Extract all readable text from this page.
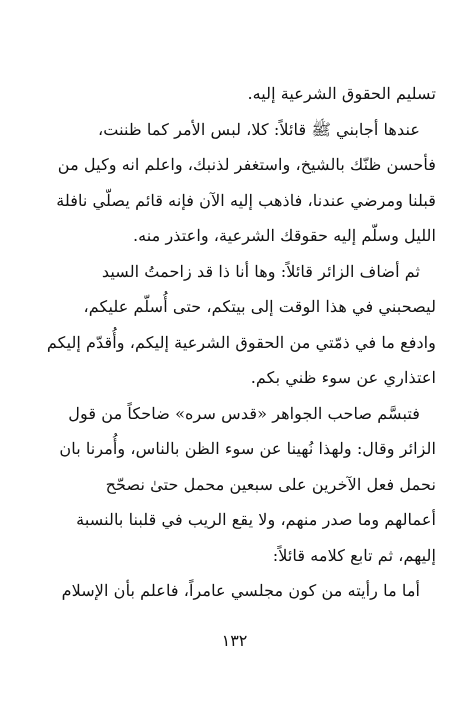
تسليم الحقوق الشرعية إليه.
عندها أجابني ﷺ قائلاً: كلا، لبس الأمر كما ظننت،
فأحسن ظنّك بالشيخ، واستغفر لذنبك، واعلم انه وكيل من
قبلنا ومرضي عندنا، فاذهب إليه الآن فإنه قائم يصلّي نافلة
الليل وسلّم إليه حقوقك الشرعية، واعتذر منه.
ثم أضاف الزائر قائلاً: وها أنا ذا قد زاحمتُ السيد
ليصحبني في هذا الوقت إلى بيتكم، حتى أُسلّم عليكم،
وادفع ما في ذمّتي من الحقوق الشرعية إليكم، وأُقدّم إليكم
اعتذاري عن سوء ظني بكم.
فتبسَّم صاحب الجواهر «قدس سره» ضاحكاً من قول
الزائر وقال: ولهذا نُهينا عن سوء الظن بالناس، وأُمرنا بان
نحمل فعل الآخرين على سبعين محمل حتىٰ نصحّح
أعمالهم وما صدر منهم، ولا يقع الريب في قلبنا بالنسبة
إليهم، ثم تابع كلامه قائلاً:
أما ما رأيته من كون مجلسي عامراً، فاعلم بأن الإسلام
١٣٢
